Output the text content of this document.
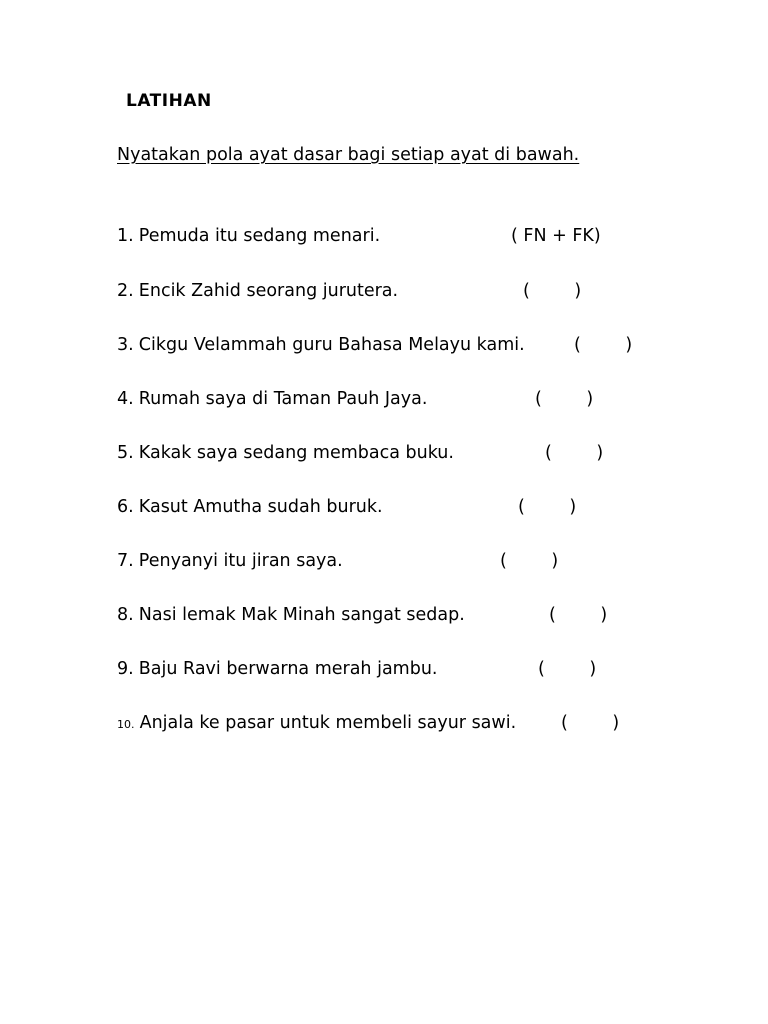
LATIHAN
Nyatakan pola ayat dasar bagi setiap ayat di bawah.
1. Pemuda itu sedang menari.	( FN + FK)
2. Encik Zahid seorang jurutera.	(        )
3. Cikgu Velammah guru Bahasa Melayu kami.	(        )
4. Rumah saya di Taman Pauh Jaya.	(        )
5. Kakak saya sedang membaca buku.	(        )
6. Kasut Amutha sudah buruk.	(        )
7. Penyanyi itu jiran saya.	(        )
8. Nasi lemak Mak Minah sangat sedap.	(        )
9. Baju Ravi berwarna merah jambu.	(        )
10. Anjala ke pasar untuk membeli sayur sawi.	(        )
